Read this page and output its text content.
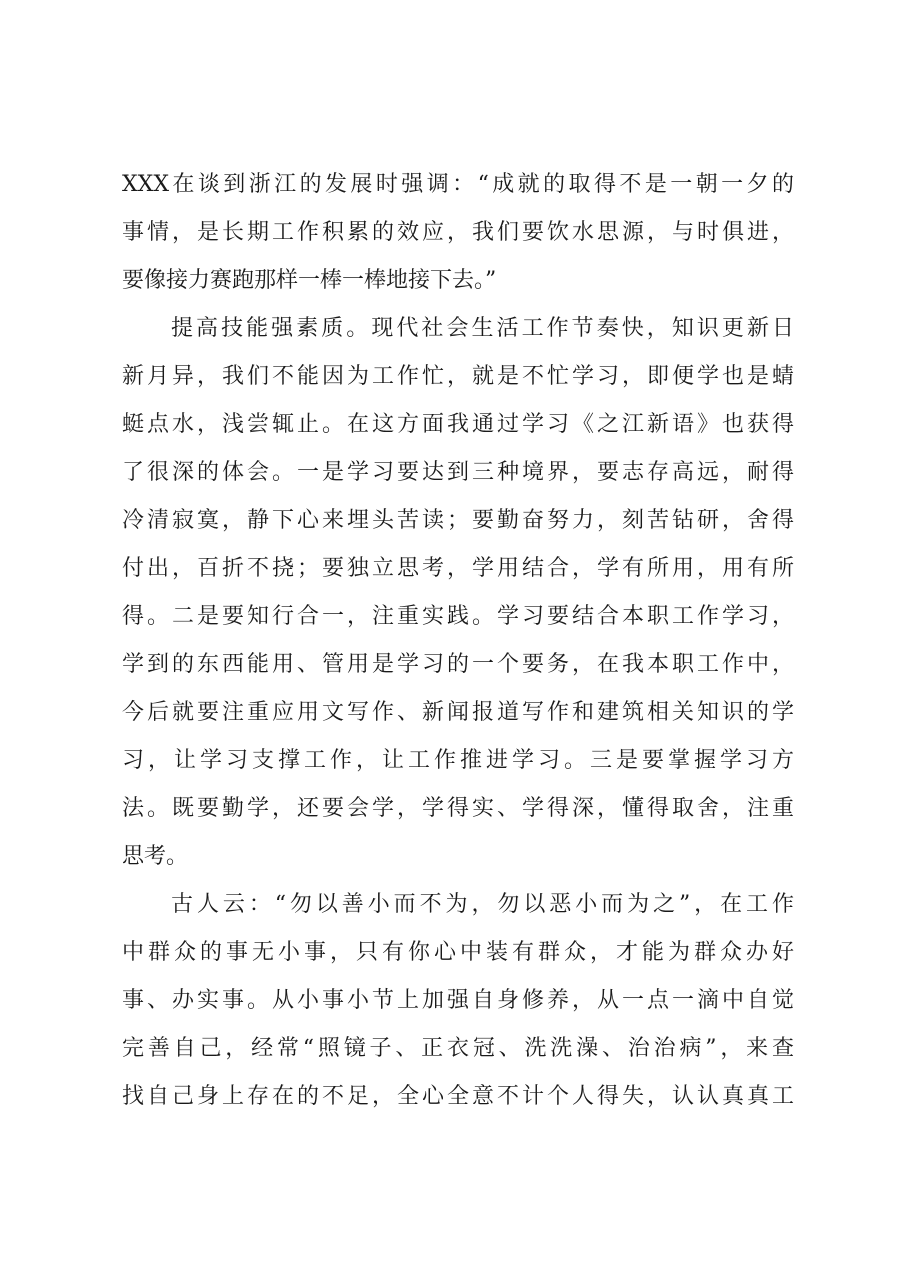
XXX在谈到浙江的发展时强调：“成就的取得不是一朝一夕的
事情，是长期工作积累的效应，我们要饮水思源，与时俱进，
要像接力赛跑那样一棒一棒地接下去。”
提高技能强素质。现代社会生活工作节奏快，知识更新日
新月异，我们不能因为工作忙，就是不忙学习，即便学也是蜻
蜓点水，浅尝辄止。在这方面我通过学习《之江新语》也获得
了很深的体会。一是学习要达到三种境界，要志存高远，耐得
冷清寂寞，静下心来埋头苦读；要勤奋努力，刻苦钻研，舍得
付出，百折不挠；要独立思考，学用结合，学有所用，用有所
得。二是要知行合一，注重实践。学习要结合本职工作学习，
学到的东西能用、管用是学习的一个要务，在我本职工作中，
今后就要注重应用文写作、新闻报道写作和建筑相关知识的学
习，让学习支撑工作，让工作推进学习。三是要掌握学习方
法。既要勤学，还要会学，学得实、学得深，懂得取舍，注重
思考。
古人云：“勿以善小而不为，勿以恶小而为之”，在工作
中群众的事无小事，只有你心中装有群众，才能为群众办好
事、办实事。从小事小节上加强自身修养，从一点一滴中自觉
完善自己，经常“照镜子、正衣冠、洗洗澡、治治病”，来查
找自己身上存在的不足，全心全意不计个人得失，认认真真工
